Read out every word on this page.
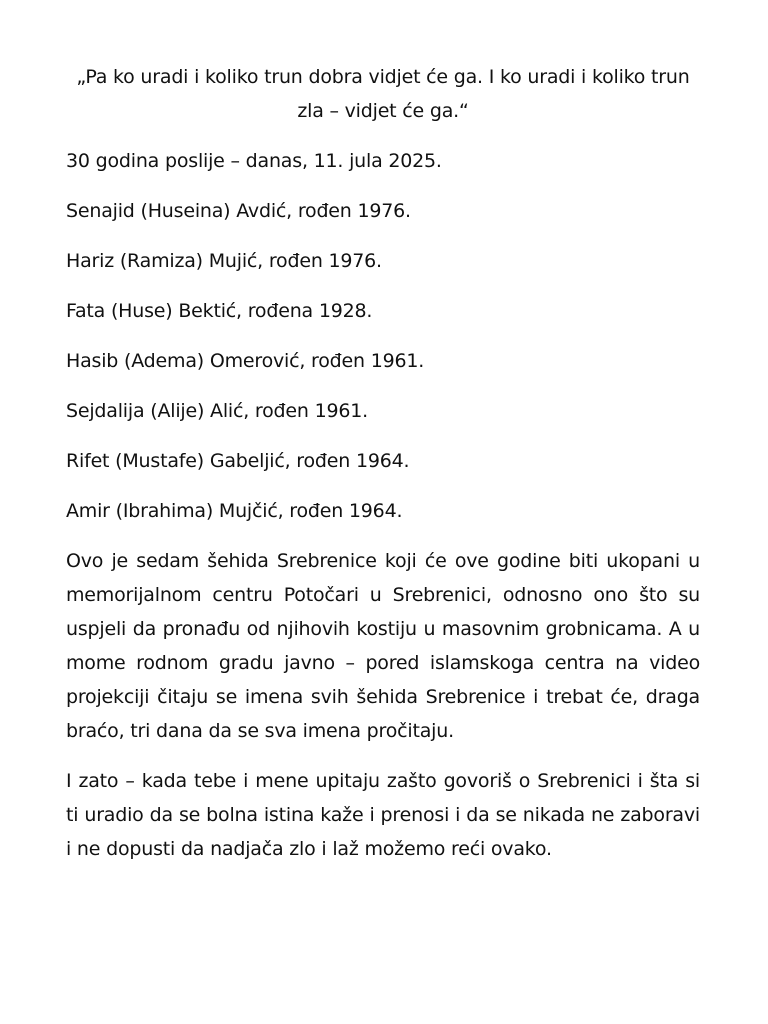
„Pa ko uradi i koliko trun dobra vidjet će ga. I ko uradi i koliko trun zla – vidjet će ga.“

30 godina poslije – danas, 11. jula 2025.

Senajid (Huseina) Avdić, rođen 1976.

Hariz (Ramiza) Mujić, rođen 1976.

Fata (Huse) Bektić, rođena 1928.

Hasib (Adema) Omerović, rođen 1961.

Sejdalija (Alije) Alić, rođen 1961.

Rifet (Mustafe) Gabeljić, rođen 1964.

Amir (Ibrahima) Mujčić, rođen 1964.

Ovo je sedam šehida Srebrenice koji će ove godine biti ukopani u memorijalnom centru Potočari u Srebrenici, odnosno ono što su uspjeli da pronađu od njihovih kostiju u masovnim grobnicama. A u mome rodnom gradu javno – pored islamskoga centra na video projekciji čitaju se imena svih šehida Srebrenice i trebat će, draga braćo, tri dana da se sva imena pročitaju.

I zato – kada tebe i mene upitaju zašto govoriš o Srebrenici i šta si ti uradio da se bolna istina kaže i prenosi i da se nikada ne zaboravi i ne dopusti da nadjača zlo i laž možemo reći ovako.
